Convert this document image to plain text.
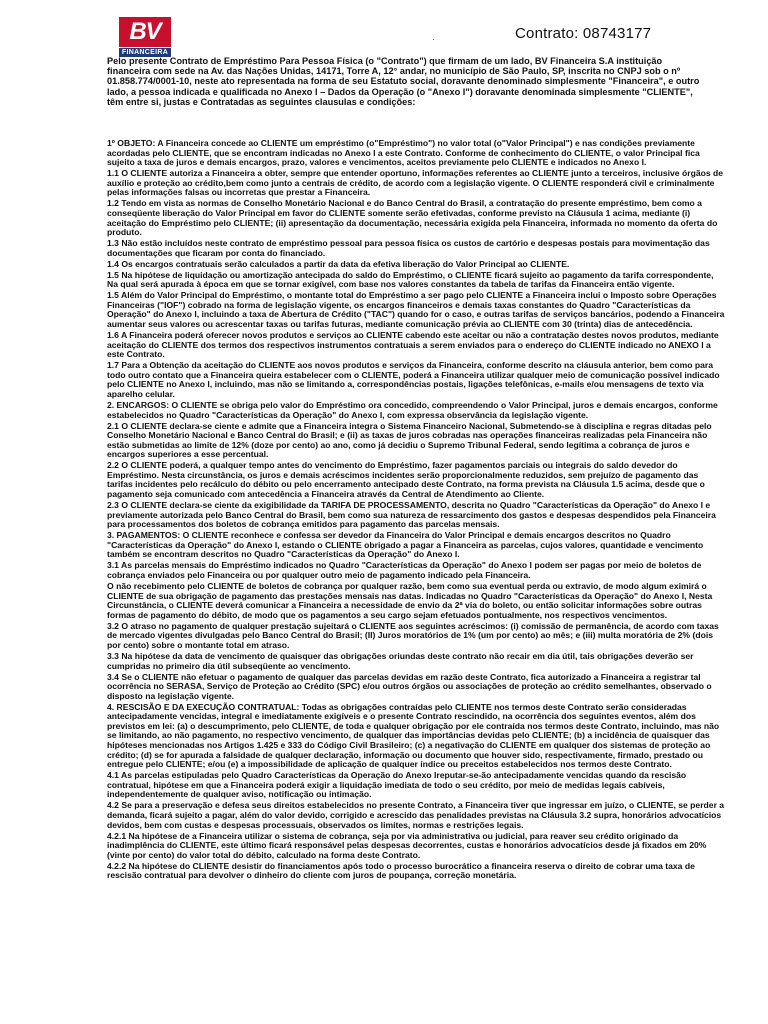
BV
FINANCEIRA
·	Contrato: 08743177
Pelo presente Contrato de Empréstimo Para Pessoa Física (o "Contrato") que firmam de um lado, BV Financeira S.A instituição financeira com sede na Av. das Nações Unidas, 14171, Torre A, 12° andar, no município de São Paulo, SP, inscrita no CNPJ sob o nº 01.858.774/0001-10, neste ato representada na forma de seu Estatuto social, doravante denominado simplesmente "Financeira", e outro lado, a pessoa indicada e qualificada no Anexo I – Dados da Operação (o "Anexo I") doravante denominada simplesmente "CLIENTE", têm entre si, justas e Contratadas as seguintes clausulas e condições:

1º OBJETO: A Financeira concede ao CLIENTE um empréstimo (o"Empréstimo") no valor total (o"Valor Principal") e nas condições previamente acordadas pelo CLIENTE, que se encontram indicadas no Anexo I a este Contrato. Conforme de conhecimento do CLIENTE, o valor Principal fica sujeito a taxa de juros e demais encargos, prazo, valores e vencimentos, aceitos previamente pelo CLIENTE e indicados no Anexo I.

1.1 O CLIENTE autoriza a Financeira a obter, sempre que entender oportuno, informações referentes ao CLIENTE junto a terceiros, inclusive órgãos de auxílio e proteção ao crédito,bem como junto a centrais de crédito, de acordo com a legislação vigente. O CLIENTE responderá civil e criminalmente pelas informações falsas ou incorretas que prestar a Financeira.

1.2 Tendo em vista as normas de Conselho Monetário Nacional e do Banco Central do Brasil, a contratação do presente empréstimo, bem como a conseqüente liberação do Valor Principal em favor do CLIENTE somente serão efetivadas, conforme previsto na Cláusula 1 acima, mediante (i) aceitação do Empréstimo pelo CLIENTE; (ii) apresentação da documentação, necessária exigida pela Financeira, informada no momento da oferta do produto.

1.3 Não estão incluídos neste contrato de empréstimo pessoal para pessoa física os custos de cartório e despesas postais para movimentação das documentações que ficaram por conta do financiado.

1.4 Os encargos contratuais serão calculados a partir da data da efetiva liberação do Valor Principal ao CLIENTE.

1.5 Na hipótese de liquidação ou amortização antecipada do saldo do Empréstimo, o CLIENTE ficará sujeito ao pagamento da tarifa correspondente, Na qual será apurada à época em que se tornar exigível, com base nos valores constantes da tabela de tarifas da Financeira então vigente.

1.5 Além do Valor Principal do Empréstimo, o montante total do Empréstimo a ser pago pelo CLIENTE a Financeira inclui o Imposto sobre Operações Financeiras ("IOF") cobrado na forma de legislação vigente, os encargos financeiros e demais taxas constantes do Quadro "Características da Operação" do Anexo I, incluindo a taxa de Abertura de Crédito ("TAC") quando for o caso, e outras tarifas de serviços bancários, podendo a Financeira aumentar seus valores ou acrescentar taxas ou tarifas futuras, mediante comunicação prévia ao CLIENTE com 30 (trinta) dias de antecedência.

1.6 A Financeira poderá oferecer novos produtos e serviços ao CLIENTE cabendo este aceitar ou não a contratação destes novos produtos, mediante aceitação do CLIENTE dos termos dos respectivos instrumentos contratuais a serem enviados para o endereço do CLIENTE indicado no ANEXO I a este Contrato.

1.7 Para a Obtenção da aceitação do CLIENTE aos novos produtos e serviços da Financeira, conforme descrito na cláusula anterior, bem como para todo outro contato que a Financeira queira estabelecer com o CLIENTE, poderá a Financeira utilizar qualquer meio de comunicação possível indicado pelo CLIENTE no Anexo I, incluindo, mas não se limitando a, correspondências postais, ligações telefônicas, e-mails e/ou mensagens de texto via aparelho celular.

2. ENCARGOS: O CLIENTE se obriga pelo valor do Empréstimo ora concedido, compreendendo o Valor Principal, juros e demais encargos, conforme estabelecidos no Quadro "Características da Operação" do Anexo I, com expressa observância da legislação vigente.

2.1 O CLIENTE declara-se ciente e admite que a Financeira integra o Sistema Financeiro Nacional, Submetendo-se à disciplina e regras ditadas pelo Conselho Monetário Nacional e Banco Central do Brasil; e (ii) as taxas de juros cobradas nas operações financeiras realizadas pela Financeira não estão submetidas ao limite de 12% (doze por cento) ao ano, como já decidiu o Supremo Tribunal Federal, sendo legítima a cobrança de juros e encargos superiores a esse percentual.

2.2 O CLIENTE poderá, a qualquer tempo antes do vencimento do Empréstimo, fazer pagamentos parciais ou integrais do saldo devedor do Empréstimo. Nesta circunstância, os juros e demais acréscimos incidentes serão proporcionalmente reduzidos, sem prejuízo de pagamento das tarifas incidentes pelo recálculo do débito ou pelo encerramento antecipado deste Contrato, na forma prevista na Cláusula 1.5 acima, desde que o pagamento seja comunicado com antecedência a Financeira através da Central de Atendimento ao Cliente.

2.3 O CLIENTE declara-se ciente da exigibilidade da TARIFA DE PROCESSAMENTO, descrita no Quadro "Características da Operação" do Anexo I e previamente autorizada pelo Banco Central do Brasil, bem como sua natureza de ressarcimento dos gastos e despesas despendidos pela Financeira para processamentos dos boletos de cobrança emitidos para pagamento das parcelas mensais.

3. PAGAMENTOS: O CLIENTE reconhece e confessa ser devedor da Financeira do Valor Principal e demais encargos descritos no Quadro "Características da Operação" do Anexo I, estando o CLIENTE obrigado a pagar a Financeira as parcelas, cujos valores, quantidade e vencimento também se encontram descritos no Quadro "Características da Operação" do Anexo I.

3.1 As parcelas mensais do Empréstimo indicados no Quadro "Características da Operação" do Anexo I podem ser pagas por meio de boletos de cobrança enviados pelo Financeira ou por qualquer outro meio de pagamento indicado pela Financeira.

O não recebimento pelo CLIENTE de boletos de cobrança por qualquer razão, bem como sua eventual perda ou extravio, de modo algum eximirá o CLIENTE de sua obrigação de pagamento das prestações mensais nas datas. Indicadas no Quadro "Características da Operação" do Anexo I, Nesta Circunstância, o CLIENTE deverá comunicar a Financeira a necessidade de envio da 2ª via do boleto, ou então solicitar informações sobre outras formas de pagamento do débito, de modo que os pagamentos a seu cargo sejam efetuados pontualmente, nos respectivos vencimentos.

3.2 O atraso no pagamento de qualquer prestação sujeitará o CLIENTE aos seguintes acréscimos: (i) comissão de permanência, de acordo com taxas de mercado vigentes divulgadas pelo Banco Central do Brasil; (II) Juros moratórios de 1% (um por cento) ao mês; e (iii) multa moratória de 2% (dois por cento) sobre o montante total em atraso.

3.3 Na hipótese da data de vencimento de quaisquer das obrigações oriundas deste contrato não recair em dia útil, tais obrigações deverão ser cumpridas no primeiro dia útil subseqüente ao vencimento.

3.4 Se o CLIENTE não efetuar o pagamento de qualquer das parcelas devidas em razão deste Contrato, fica autorizado a Financeira a registrar tal ocorrência no SERASA, Serviço de Proteção ao Crédito (SPC) e/ou outros órgãos ou associações de proteção ao crédito semelhantes, observado o disposto na legislação vigente.

4. RESCISÃO E DA EXECUÇÃO CONTRATUAL: Todas as obrigações contraídas pelo CLIENTE nos termos deste Contrato serão consideradas antecipadamente vencidas, integral e imediatamente exigíveis e o presente Contrato rescindido, na ocorrência dos seguintes eventos, além dos previstos em lei: (a) o descumprimento, pelo CLIENTE, de toda e qualquer obrigação por ele contraída nos termos deste Contrato, incluindo, mas não se limitando, ao não pagamento, no respectivo vencimento, de qualquer das importâncias devidas pelo CLIENTE; (b) a incidência de quaisquer das hipóteses mencionadas nos Artigos 1.425 e 333 do Código Civil Brasileiro; (c) a negativação do CLIENTE em qualquer dos sistemas de proteção ao crédito; (d) se for apurada a falsidade de qualquer declaração, informação ou documento que houver sido, respectivamente, firmado, prestado ou entregue pelo CLIENTE; e/ou (e) a impossibilidade de aplicação de qualquer índice ou preceitos estabelecidos nos termos deste Contrato.

4.1 As parcelas estipuladas pelo Quadro Características da Operação do Anexo Ireputar-se-ão antecipadamente vencidas quando da rescisão contratual, hipótese em que a Financeira poderá exigir a liquidação imediata de todo o seu crédito, por meio de medidas legais cabíveis, independentemente de qualquer aviso, notificação ou intimação.

4.2 Se para a preservação e defesa seus direitos estabelecidos no presente Contrato, a Financeira tiver que ingressar em juízo, o CLIENTE, se perder a demanda, ficará sujeito a pagar, além do valor devido, corrigido e acrescido das penalidades previstas na Cláusula 3.2 supra, honorários advocatícios devidos, bem com custas e despesas processuais, observados os limites, normas e restrições legais.

4.2.1 Na hipótese de a Financeira utilizar o sistema de cobrança, seja por via administrativa ou judicial, para reaver seu crédito originado da inadimplência do CLIENTE, este último ficará responsável pelas despesas decorrentes, custas e honorários advocatícios desde já fixados em 20%(vinte por cento) do valor total do débito, calculado na forma deste Contrato.

4.2.2 Na hipótese do CLIENTE desistir do financiamentos após todo o processo burocrático a financeira reserva o direito de cobrar uma taxa de rescisão contratual para devolver o dinheiro do cliente com juros de poupança, correção monetária.
